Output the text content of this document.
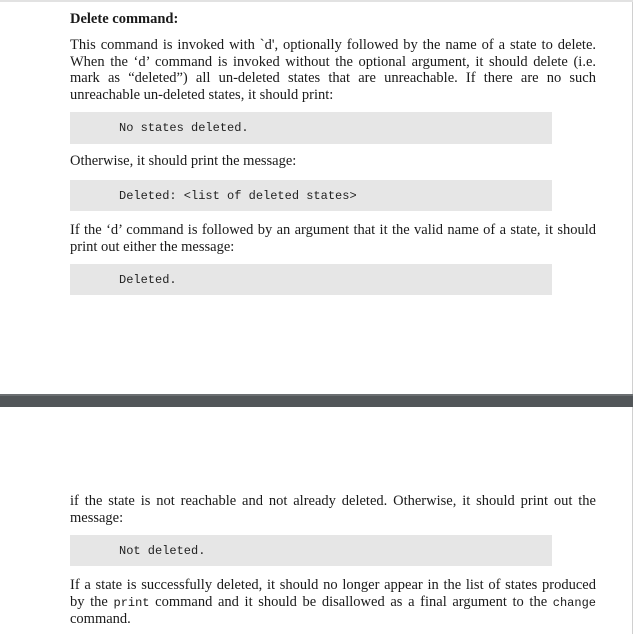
Delete command:

This command is invoked with `d', optionally followed by the name of a state to delete. When the ‘d’ command is invoked without the optional argument, it should delete (i.e. mark as “deleted”) all un-deleted states that are unreachable. If there are no such unreachable un-deleted states, it should print:

No states deleted.

Otherwise, it should print the message:

Deleted: <list of deleted states>

If the ‘d’ command is followed by an argument that it the valid name of a state, it should print out either the message:

Deleted.

if the state is not reachable and not already deleted. Otherwise, it should print out the message:

Not deleted.

If a state is successfully deleted, it should no longer appear in the list of states produced by the print command and it should be disallowed as a final argument to the change command.
